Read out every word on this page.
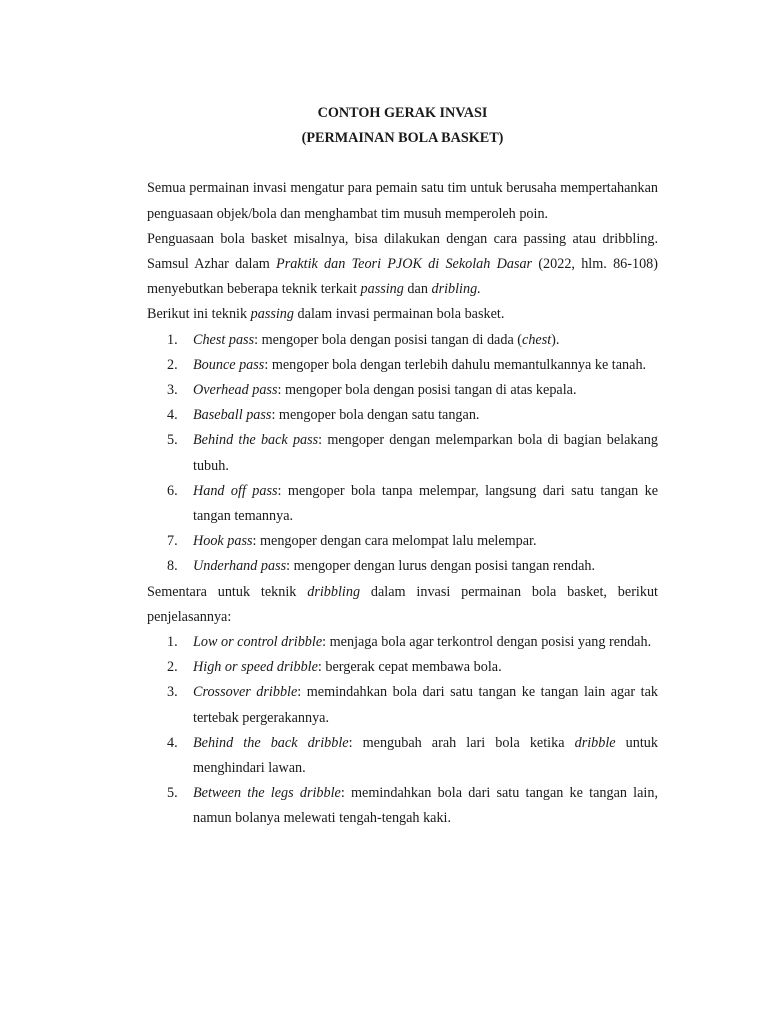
CONTOH GERAK INVASI
(PERMAINAN BOLA BASKET)

Semua permainan invasi mengatur para pemain satu tim untuk berusaha mempertahankan penguasaan objek/bola dan menghambat tim musuh memperoleh poin.

Penguasaan bola basket misalnya, bisa dilakukan dengan cara passing atau dribbling. Samsul Azhar dalam Praktik dan Teori PJOK di Sekolah Dasar (2022, hlm. 86-108) menyebutkan beberapa teknik terkait passing dan dribling.

Berikut ini teknik passing dalam invasi permainan bola basket.

1. Chest pass: mengoper bola dengan posisi tangan di dada (chest).
2. Bounce pass: mengoper bola dengan terlebih dahulu memantulkannya ke tanah.
3. Overhead pass: mengoper bola dengan posisi tangan di atas kepala.
4. Baseball pass: mengoper bola dengan satu tangan.
5. Behind the back pass: mengoper dengan melemparkan bola di bagian belakang tubuh.
6. Hand off pass: mengoper bola tanpa melempar, langsung dari satu tangan ke tangan temannya.
7. Hook pass: mengoper dengan cara melompat lalu melempar.
8. Underhand pass: mengoper dengan lurus dengan posisi tangan rendah.

Sementara untuk teknik dribbling dalam invasi permainan bola basket, berikut penjelasannya:

1. Low or control dribble: menjaga bola agar terkontrol dengan posisi yang rendah.
2. High or speed dribble: bergerak cepat membawa bola.
3. Crossover dribble: memindahkan bola dari satu tangan ke tangan lain agar tak tertebak pergerakannya.
4. Behind the back dribble: mengubah arah lari bola ketika dribble untuk menghindari lawan.
5. Between the legs dribble: memindahkan bola dari satu tangan ke tangan lain, namun bolanya melewati tengah-tengah kaki.
